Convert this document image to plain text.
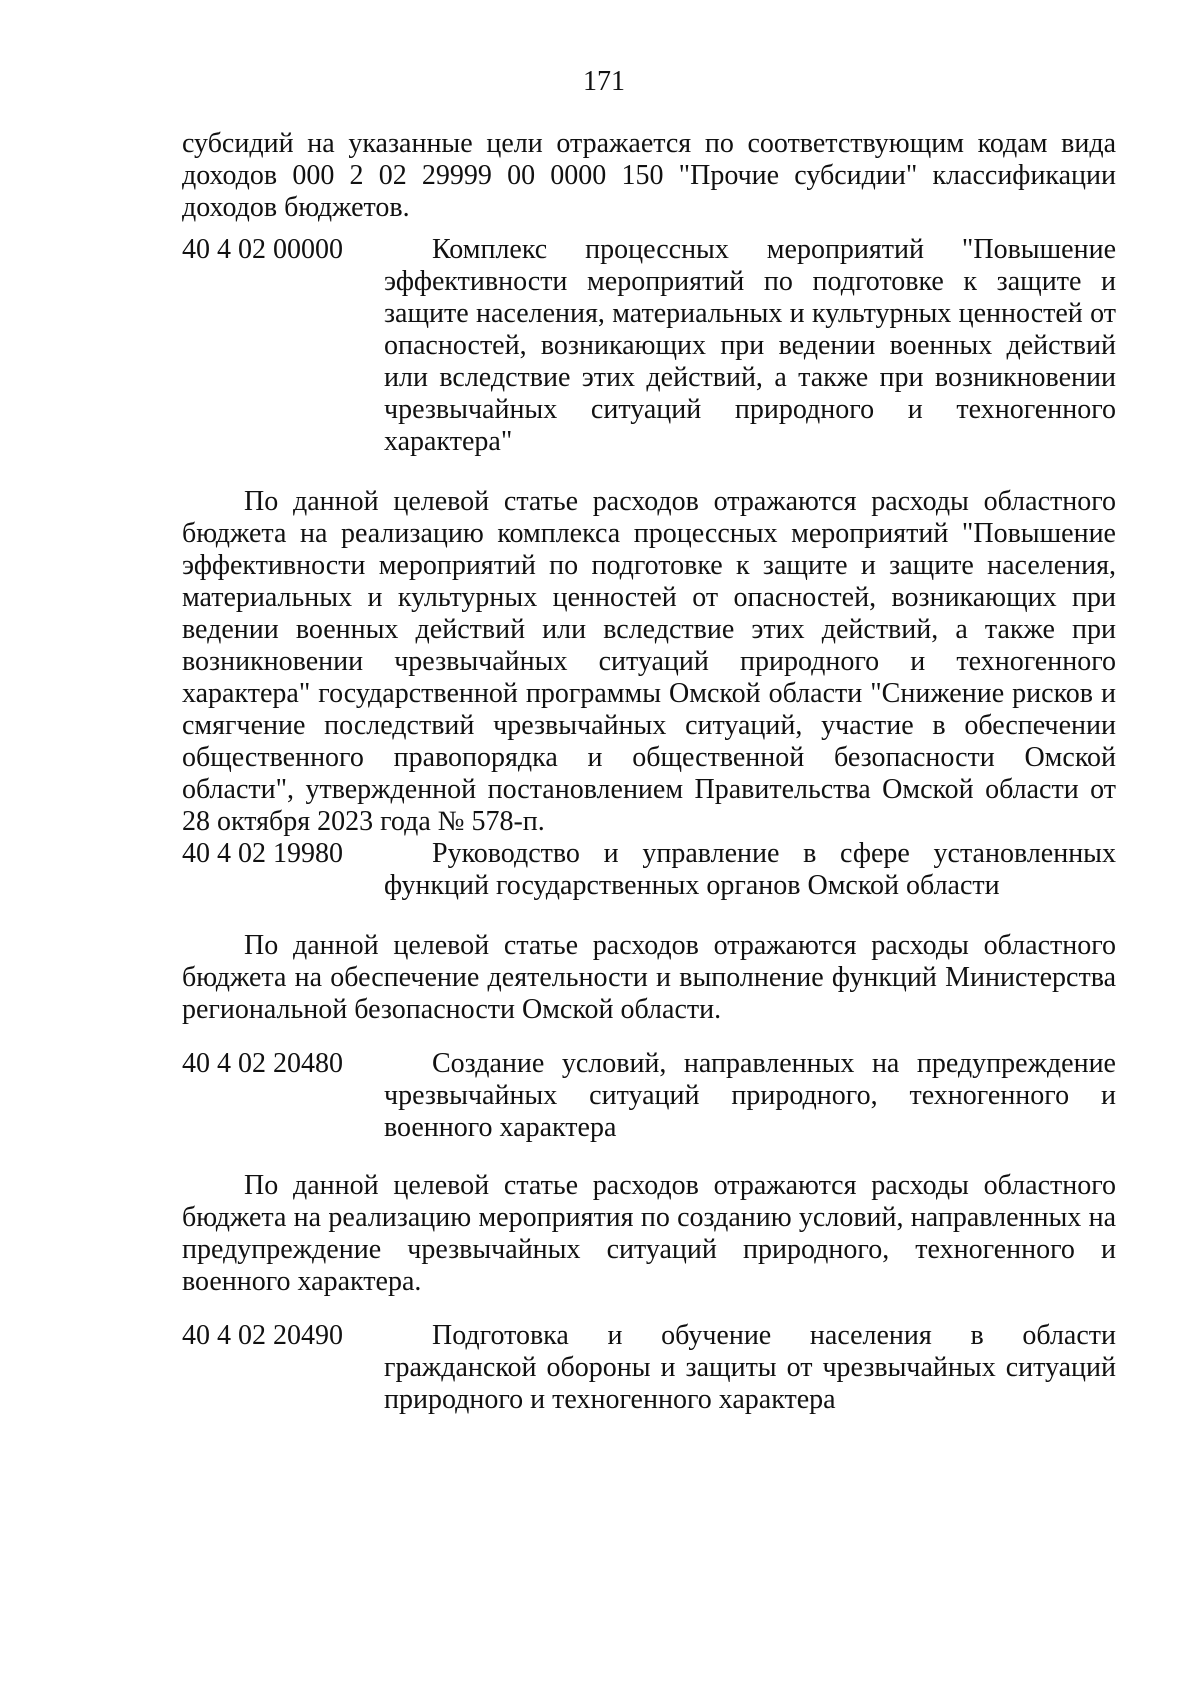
171
субсидий на указанные цели отражается по соответствующим кодам вида доходов 000 2 02 29999 00 0000 150 "Прочие субсидии" классификации доходов бюджетов.
40 4 02 00000	Комплекс процессных мероприятий "Повышение эффективности мероприятий по подготовке к защите и защите населения, материальных и культурных ценностей от опасностей, возникающих при ведении военных действий или вследствие этих действий, а также при возникновении чрезвычайных ситуаций природного и техногенного характера"
По данной целевой статье расходов отражаются расходы областного бюджета на реализацию комплекса процессных мероприятий "Повышение эффективности мероприятий по подготовке к защите и защите населения, материальных и культурных ценностей от опасностей, возникающих при ведении военных действий или вследствие этих действий, а также при возникновении чрезвычайных ситуаций природного и техногенного характера" государственной программы Омской области "Снижение рисков и смягчение последствий чрезвычайных ситуаций, участие в обеспечении общественного правопорядка и общественной безопасности Омской области", утвержденной постановлением Правительства Омской области от 28 октября 2023 года № 578-п.
40 4 02 19980	Руководство и управление в сфере установленных функций государственных органов Омской области
По данной целевой статье расходов отражаются расходы областного бюджета на обеспечение деятельности и выполнение функций Министерства региональной безопасности Омской области.
40 4 02 20480	Создание условий, направленных на предупреждение чрезвычайных ситуаций природного, техногенного и военного характера
По данной целевой статье расходов отражаются расходы областного бюджета на реализацию мероприятия по созданию условий, направленных на предупреждение чрезвычайных ситуаций природного, техногенного и военного характера.
40 4 02 20490	Подготовка и обучение населения в области гражданской обороны и защиты от чрезвычайных ситуаций природного и техногенного характера
